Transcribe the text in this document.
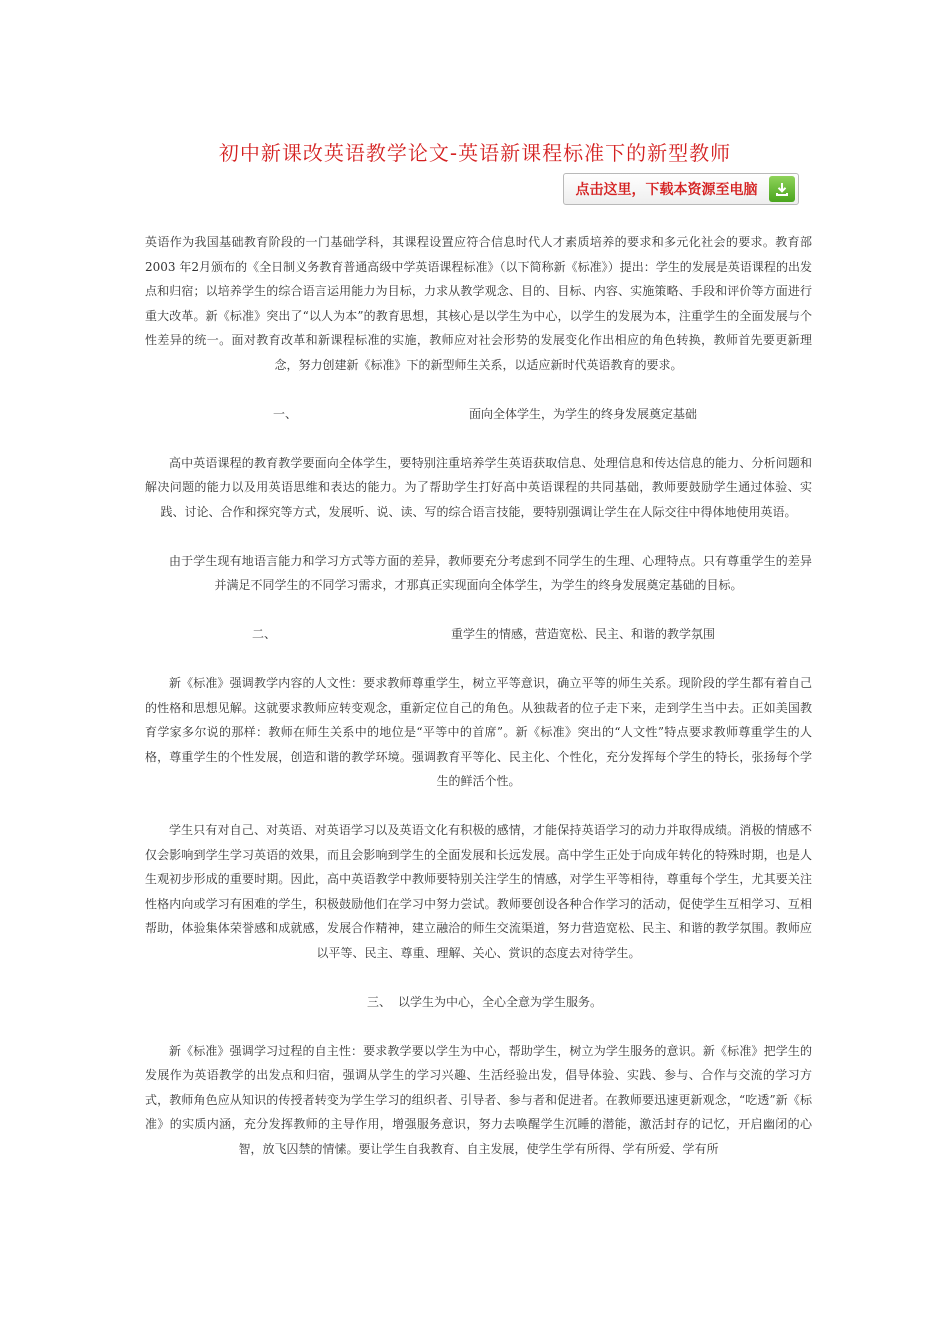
初中新课改英语教学论文-英语新课程标准下的新型教师
点击这里，下载本资源至电脑

英语作为我国基础教育阶段的一门基础学科，其课程设置应符合信息时代人才素质培养的要求和多元化社会的要求。教育部2003 年2月颁布的《全日制义务教育普通高级中学英语课程标准》（以下简称新《标准》）提出：学生的发展是英语课程的出发点和归宿；以培养学生的综合语言运用能力为目标，力求从教学观念、目的、目标、内容、实施策略、手段和评价等方面进行重大改革。新《标准》突出了“以人为本”的教育思想，其核心是以学生为中心，以学生的发展为本，注重学生的全面发展与个性差异的统一。面对教育改革和新课程标准的实施，教师应对社会形势的发展变化作出相应的角色转换，教师首先要更新理念，努力创建新《标准》下的新型师生关系，以适应新时代英语教育的要求。

一、	面向全体学生，为学生的终身发展奠定基础

高中英语课程的教育教学要面向全体学生，要特别注重培养学生英语获取信息、处理信息和传达信息的能力、分析问题和解决问题的能力以及用英语思维和表达的能力。为了帮助学生打好高中英语课程的共同基础，教师要鼓励学生通过体验、实践、讨论、合作和探究等方式，发展听、说、读、写的综合语言技能，要特别强调让学生在人际交往中得体地使用英语。

由于学生现有地语言能力和学习方式等方面的差异，教师要充分考虑到不同学生的生理、心理特点。只有尊重学生的差异并满足不同学生的不同学习需求，才那真正实现面向全体学生，为学生的终身发展奠定基础的目标。

二、	重学生的情感，营造宽松、民主、和谐的教学氛围

新《标准》强调教学内容的人文性：要求教师尊重学生，树立平等意识，确立平等的师生关系。现阶段的学生都有着自己的性格和思想见解。这就要求教师应转变观念，重新定位自己的角色。从独裁者的位子走下来，走到学生当中去。正如美国教育学家多尔说的那样：教师在师生关系中的地位是“平等中的首席”。新《标准》突出的“人文性”特点要求教师尊重学生的人格，尊重学生的个性发展，创造和谐的教学环境。强调教育平等化、民主化、个性化，充分发挥每个学生的特长，张扬每个学生的鲜活个性。

学生只有对自己、对英语、对英语学习以及英语文化有积极的感情，才能保持英语学习的动力并取得成绩。消极的情感不仅会影响到学生学习英语的效果，而且会影响到学生的全面发展和长远发展。高中学生正处于向成年转化的特殊时期，也是人生观初步形成的重要时期。因此，高中英语教学中教师要特别关注学生的情感，对学生平等相待，尊重每个学生，尤其要关注性格内向或学习有困难的学生，积极鼓励他们在学习中努力尝试。教师要创设各种合作学习的活动，促使学生互相学习、互相帮助，体验集体荣誉感和成就感，发展合作精神，建立融洽的师生交流渠道，努力营造宽松、民主、和谐的教学氛围。教师应以平等、民主、尊重、理解、关心、赏识的态度去对待学生。

三、 以学生为中心，全心全意为学生服务。

新《标准》强调学习过程的自主性：要求教学要以学生为中心，帮助学生，树立为学生服务的意识。新《标准》把学生的发展作为英语教学的出发点和归宿，强调从学生的学习兴趣、生活经验出发，倡导体验、实践、参与、合作与交流的学习方式，教师角色应从知识的传授者转变为学生学习的组织者、引导者、参与者和促进者。在教师要迅速更新观念，“吃透”新《标准》的实质内涵，充分发挥教师的主导作用，增强服务意识，努力去唤醒学生沉睡的潜能，激活封存的记忆，开启幽闭的心智，放飞囚禁的情愫。要让学生自我教育、自主发展，使学生学有所得、学有所爱、学有所
